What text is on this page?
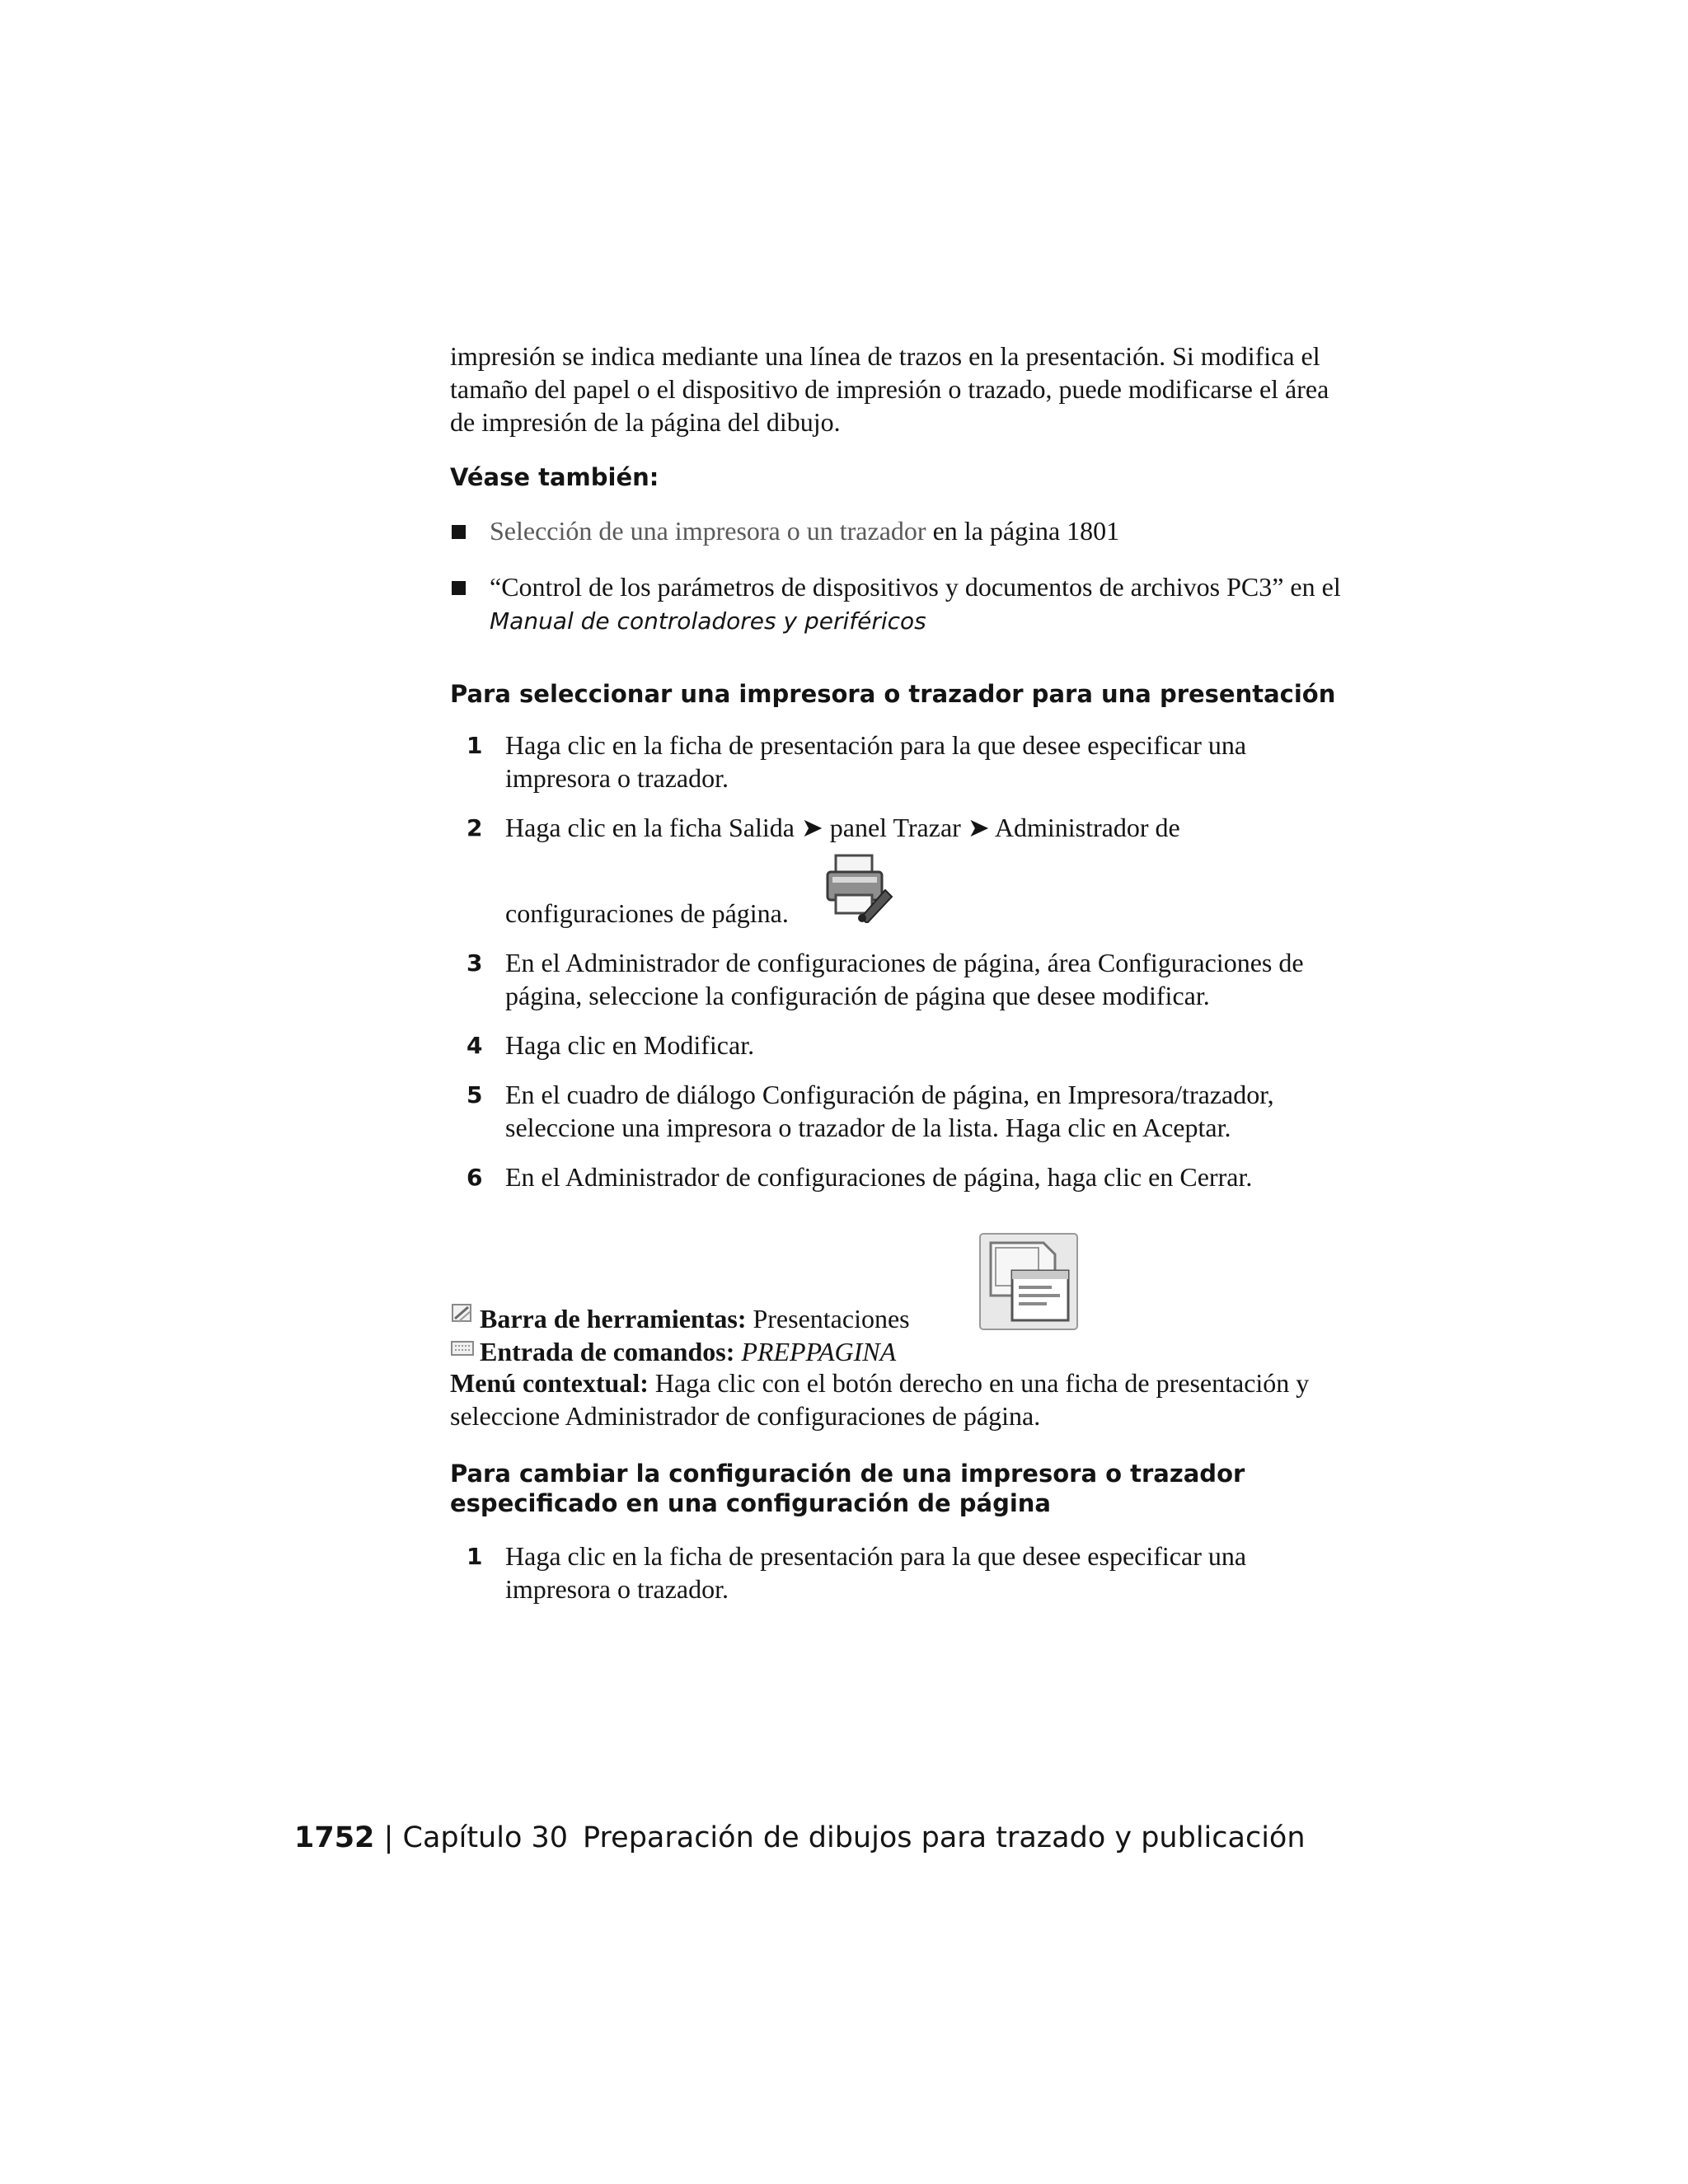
impresión se indica mediante una línea de trazos en la presentación. Si modifica el tamaño del papel o el dispositivo de impresión o trazado, puede modificarse el área de impresión de la página del dibujo.

Véase también:
Selección de una impresora o un trazador en la página 1801
“Control de los parámetros de dispositivos y documentos de archivos PC3” en el Manual de controladores y periféricos
Para seleccionar una impresora o trazador para una presentación
1 Haga clic en la ficha de presentación para la que desee especificar una impresora o trazador.
2 Haga clic en la ficha Salida ➤ panel Trazar ➤ Administrador de
configuraciones de página.
3 En el Administrador de configuraciones de página, área Configuraciones de página, seleccione la configuración de página que desee modificar.
4 Haga clic en Modificar.
5 En el cuadro de diálogo Configuración de página, en Impresora/trazador, seleccione una impresora o trazador de la lista. Haga clic en Aceptar.
6 En el Administrador de configuraciones de página, haga clic en Cerrar.
Barra de herramientas: Presentaciones
Entrada de comandos: PREPPAGINA
Menú contextual: Haga clic con el botón derecho en una ficha de presentación y seleccione Administrador de configuraciones de página.
Para cambiar la configuración de una impresora o trazador especificado en una configuración de página
1 Haga clic en la ficha de presentación para la que desee especificar una impresora o trazador.
1752 | Capítulo 30 Preparación de dibujos para trazado y publicación
